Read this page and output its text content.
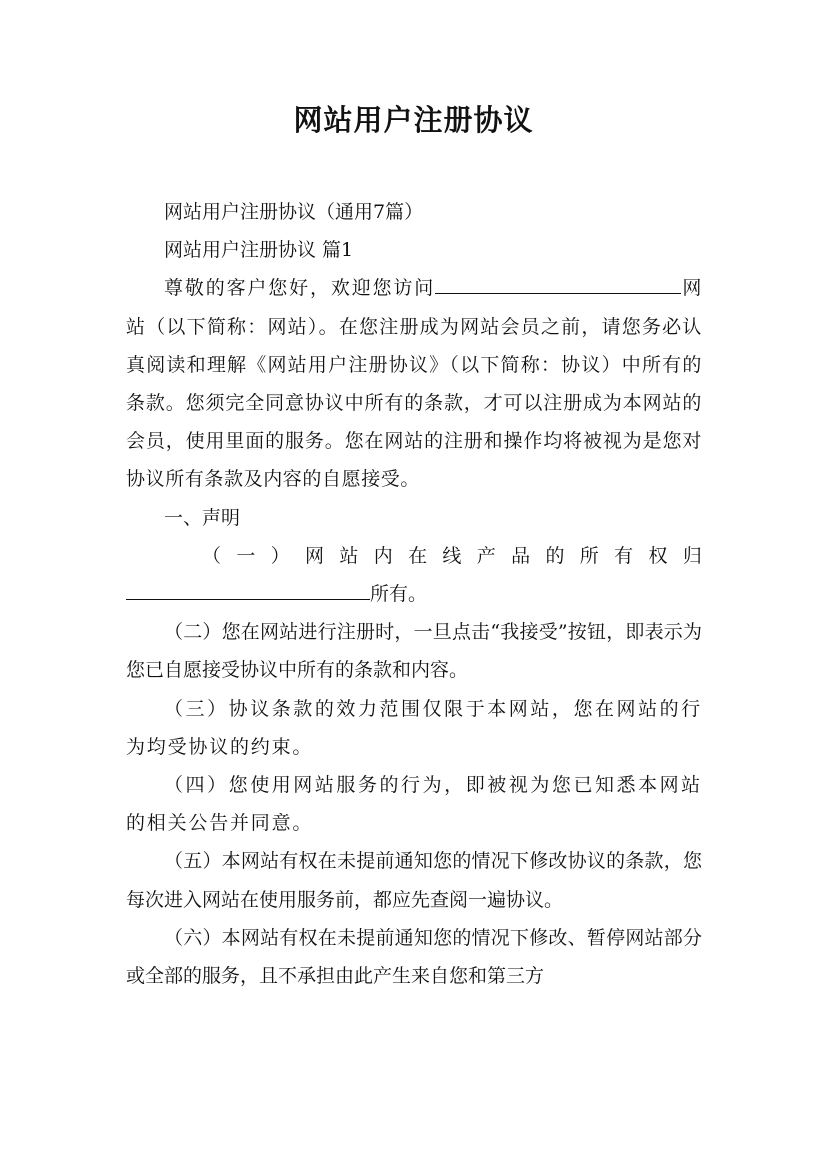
网站用户注册协议

网站用户注册协议（通用7篇）

网站用户注册协议 篇1

尊敬的客户您好，欢迎您访问	网站（以下简称：网站）。在您注册成为网站会员之前，请您务必认真阅读和理解《网站用户注册协议》（以下简称：协议）中所有的条款。您须完全同意协议中所有的条款，才可以注册成为本网站的会员，使用里面的服务。您在网站的注册和操作均将被视为是您对协议所有条款及内容的自愿接受。

一、声明

（ 一 ） 网 站 内 在 线 产 品 的 所 有 权 归
所有。

（二）您在网站进行注册时，一旦点击“我接受”按钮，即表示为您已自愿接受协议中所有的条款和内容。

（三）协议条款的效力范围仅限于本网站，您在网站的行为均受协议的约束。

（四）您使用网站服务的行为，即被视为您已知悉本网站的相关公告并同意。

（五）本网站有权在未提前通知您的情况下修改协议的条款，您每次进入网站在使用服务前，都应先查阅一遍协议。

（六）本网站有权在未提前通知您的情况下修改、暂停网站部分或全部的服务，且不承担由此产生来自您和第三方
